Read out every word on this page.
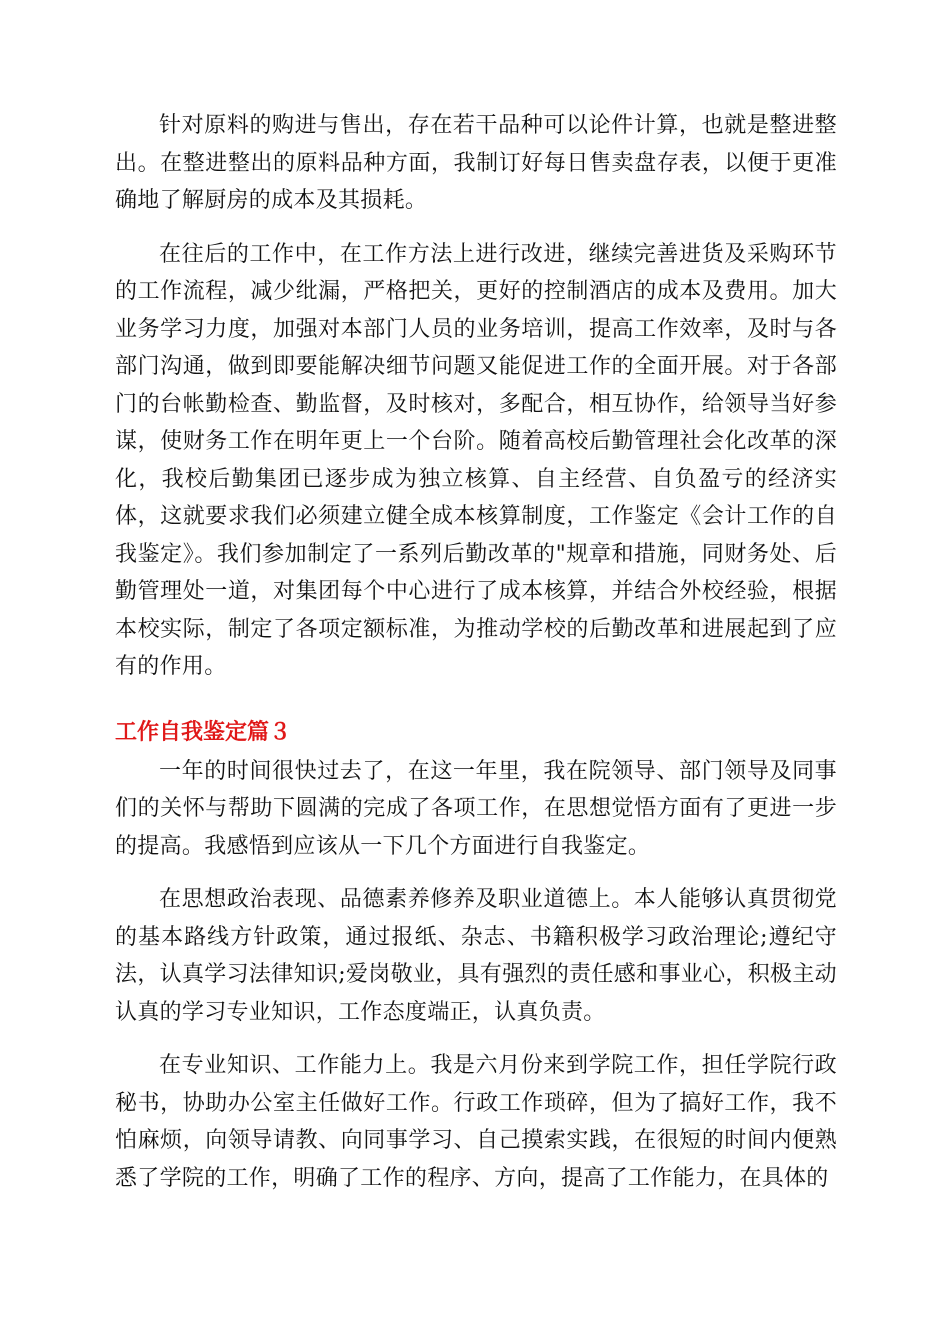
针对原料的购进与售出，存在若干品种可以论件计算，也就是整进整出。在整进整出的原料品种方面，我制订好每日售卖盘存表，以便于更准确地了解厨房的成本及其损耗。

在往后的工作中，在工作方法上进行改进，继续完善进货及采购环节的工作流程，减少纰漏，严格把关，更好的控制酒店的成本及费用。加大业务学习力度，加强对本部门人员的业务培训，提高工作效率，及时与各部门沟通，做到即要能解决细节问题又能促进工作的全面开展。对于各部门的台帐勤检查、勤监督，及时核对，多配合，相互协作，给领导当好参谋，使财务工作在明年更上一个台阶。随着高校后勤管理社会化改革的深化，我校后勤集团已逐步成为独立核算、自主经营、自负盈亏的经济实体，这就要求我们必须建立健全成本核算制度，工作鉴定《会计工作的自我鉴定》。我们参加制定了一系列后勤改革的"规章和措施，同财务处、后勤管理处一道，对集团每个中心进行了成本核算，并结合外校经验，根据本校实际，制定了各项定额标准，为推动学校的后勤改革和进展起到了应有的作用。

工作自我鉴定篇３

一年的时间很快过去了，在这一年里，我在院领导、部门领导及同事们的关怀与帮助下圆满的完成了各项工作，在思想觉悟方面有了更进一步的提高。我感悟到应该从一下几个方面进行自我鉴定。

在思想政治表现、品德素养修养及职业道德上。本人能够认真贯彻党的基本路线方针政策，通过报纸、杂志、书籍积极学习政治理论;遵纪守法，认真学习法律知识;爱岗敬业，具有强烈的责任感和事业心，积极主动认真的学习专业知识，工作态度端正，认真负责。

在专业知识、工作能力上。我是六月份来到学院工作，担任学院行政秘书，协助办公室主任做好工作。行政工作琐碎，但为了搞好工作，我不怕麻烦，向领导请教、向同事学习、自己摸索实践，在很短的时间内便熟悉了学院的工作，明确了工作的程序、方向，提高了工作能力，在具体的
